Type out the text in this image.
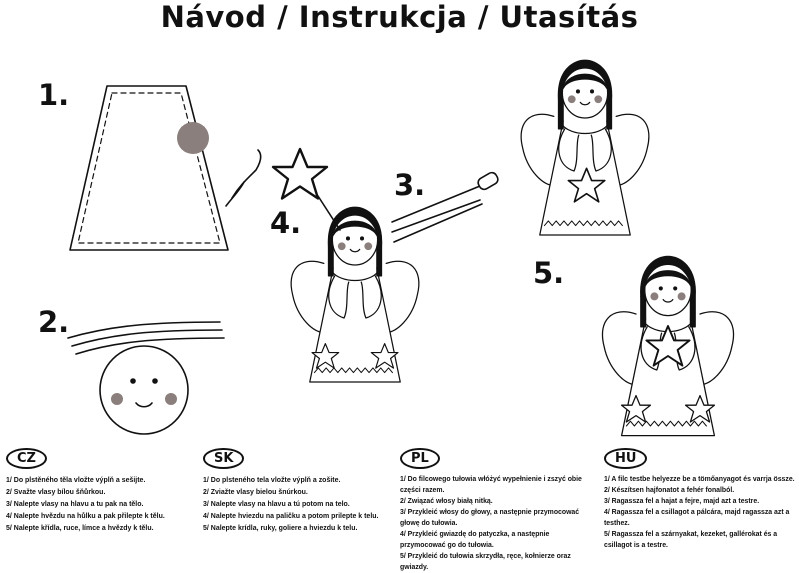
Návod / Instrukcja / Utasítás
1.
2.
3.
4.
5.
CZ
1/ Do plstěného těla vložte výplň a sešijte.
2/ Svažte vlasy bílou šňůrkou.
3/ Nalepte vlasy na hlavu a tu pak na tělo.
4/ Nalepte hvězdu na hůlku a pak přilepte k tělu.
5/ Nalepte křídla, ruce, límce a hvězdy k tělu.
SK
1/ Do plsteného tela vložte výplň a zošite.
2/ Zviažte vlasy bielou šnúrkou.
3/ Nalepte vlasy na hlavu a tú potom na telo.
4/ Nalepte hviezdu na paličku a potom prilepte k telu.
5/ Nalepte krídla, ruky, goliere a hviezdu k telu.
PL
1/ Do filcowego tułowia włóżyć wypełnienie i zszyć obie części razem.
2/ Związać włosy białą nitką.
3/ Przykleić włosy do głowy, a następnie przymocować głowę do tułowia.
4/ Przykleić gwiazdę do patyczka, a następnie przymocować go do tułowia.
5/ Przykleić do tułowia skrzydła, ręce, kołnierze oraz gwiazdy.
HU
1/ A filc testbe helyezze be a tömőanyagot és varrja össze.
2/ Készítsen hajfonatot a fehér fonalból.
3/ Ragassza fel a hajat a fejre, majd azt a testre.
4/ Ragassza fel a csillagot a pálcára, majd ragassza azt a testhez.
5/ Ragassza fel a szárnyakat, kezeket, gallérokat és a csillagot is a testre.
